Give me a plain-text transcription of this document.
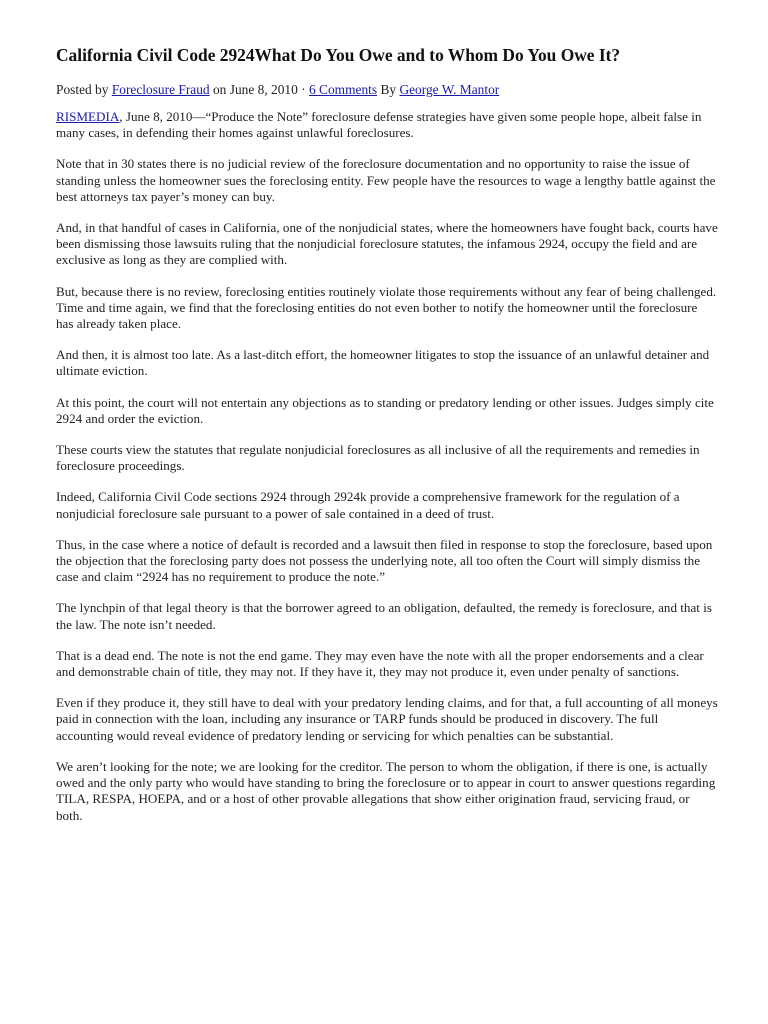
California Civil Code 2924What Do You Owe and to Whom Do You Owe It?
Posted by Foreclosure Fraud on June 8, 2010 · 6 Comments By George W. Mantor

RISMEDIA, June 8, 2010—“Produce the Note” foreclosure defense strategies have given some people hope, albeit false in many cases, in defending their homes against unlawful foreclosures.

Note that in 30 states there is no judicial review of the foreclosure documentation and no opportunity to raise the issue of standing unless the homeowner sues the foreclosing entity. Few people have the resources to wage a lengthy battle against the best attorneys tax payer’s money can buy.

And, in that handful of cases in California, one of the nonjudicial states, where the homeowners have fought back, courts have been dismissing those lawsuits ruling that the nonjudicial foreclosure statutes, the infamous 2924, occupy the field and are exclusive as long as they are complied with.

But, because there is no review, foreclosing entities routinely violate those requirements without any fear of being challenged. Time and time again, we find that the foreclosing entities do not even bother to notify the homeowner until the foreclosure has already taken place.

And then, it is almost too late. As a last-ditch effort, the homeowner litigates to stop the issuance of an unlawful detainer and ultimate eviction.

At this point, the court will not entertain any objections as to standing or predatory lending or other issues. Judges simply cite 2924 and order the eviction.

These courts view the statutes that regulate nonjudicial foreclosures as all inclusive of all the requirements and remedies in foreclosure proceedings.

Indeed, California Civil Code sections 2924 through 2924k provide a comprehensive framework for the regulation of a nonjudicial foreclosure sale pursuant to a power of sale contained in a deed of trust.

Thus, in the case where a notice of default is recorded and a lawsuit then filed in response to stop the foreclosure, based upon the objection that the foreclosing party does not possess the underlying note, all too often the Court will simply dismiss the case and claim “2924 has no requirement to produce the note.”

The lynchpin of that legal theory is that the borrower agreed to an obligation, defaulted, the remedy is foreclosure, and that is the law. The note isn’t needed.

That is a dead end. The note is not the end game. They may even have the note with all the proper endorsements and a clear and demonstrable chain of title, they may not. If they have it, they may not produce it, even under penalty of sanctions.

Even if they produce it, they still have to deal with your predatory lending claims, and for that, a full accounting of all moneys paid in connection with the loan, including any insurance or TARP funds should be produced in discovery. The full accounting would reveal evidence of predatory lending or servicing for which penalties can be substantial.

We aren’t looking for the note; we are looking for the creditor. The person to whom the obligation, if there is one, is actually owed and the only party who would have standing to bring the foreclosure or to appear in court to answer questions regarding TILA, RESPA, HOEPA, and or a host of other provable allegations that show either origination fraud, servicing fraud, or both.
